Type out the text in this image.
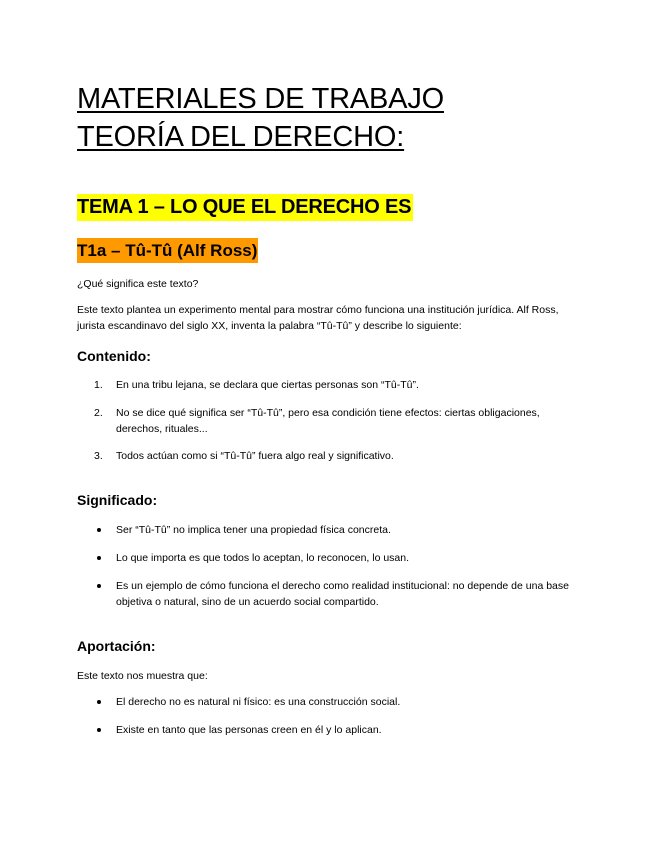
MATERIALES DE TRABAJO
TEORÍA DEL DERECHO:
TEMA 1 – LO QUE EL DERECHO ES
T1a – Tû-Tû (Alf Ross)

¿Qué significa este texto?

Este texto plantea un experimento mental para mostrar cómo funciona una institución jurídica. Alf Ross, jurista escandinavo del siglo XX, inventa la palabra “Tû-Tû” y describe lo siguiente:

Contenido:
1.	En una tribu lejana, se declara que ciertas personas son “Tû-Tû”.
2.	No se dice qué significa ser “Tû-Tû”, pero esa condición tiene efectos: ciertas obligaciones, derechos, rituales...
3.	Todos actúan como si “Tû-Tû” fuera algo real y significativo.
Significado:
Ser “Tû-Tû” no implica tener una propiedad física concreta.
Lo que importa es que todos lo aceptan, lo reconocen, lo usan.
Es un ejemplo de cómo funciona el derecho como realidad institucional: no depende de una base objetiva o natural, sino de un acuerdo social compartido.
Aportación:

Este texto nos muestra que:

El derecho no es natural ni físico: es una construcción social.
Existe en tanto que las personas creen en él y lo aplican.
